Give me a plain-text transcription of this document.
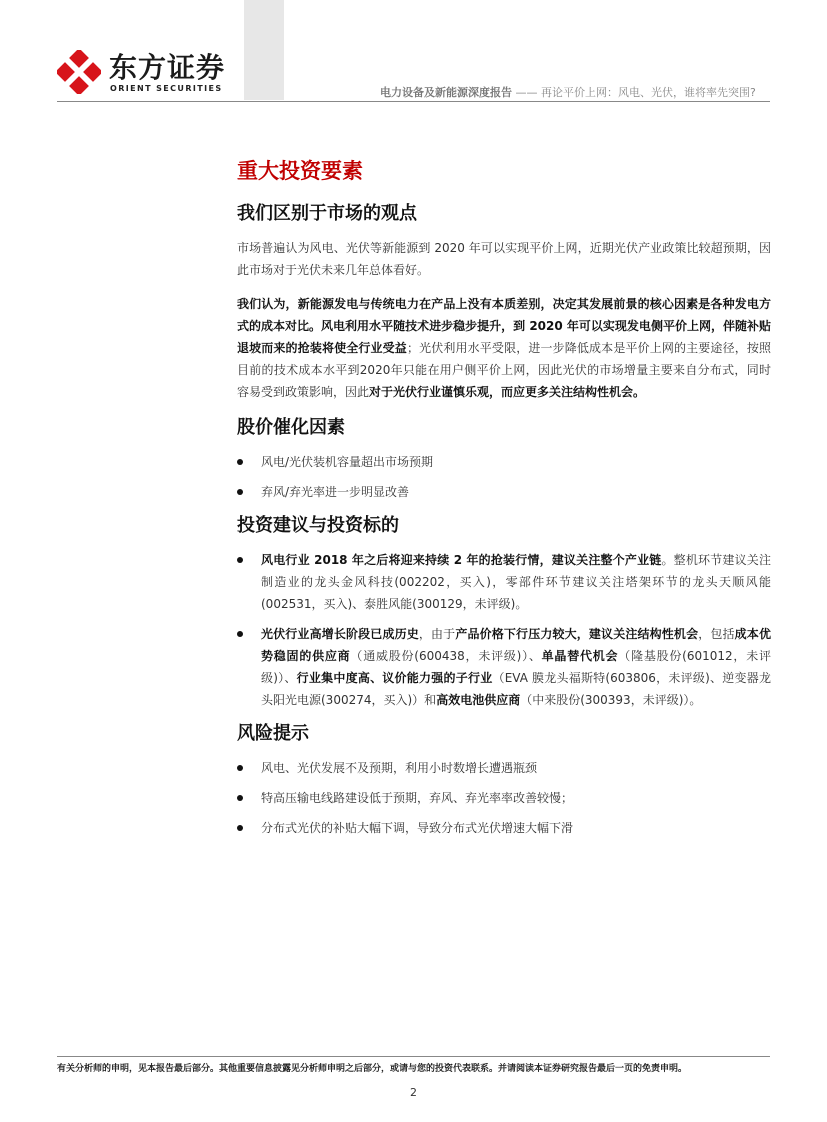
东方证券
ORIENT SECURITIES	电力设备及新能源深度报告 —— 再论平价上网：风电、光伏，谁将率先突围?
重大投资要素
我们区别于市场的观点

市场普遍认为风电、光伏等新能源到 2020 年可以实现平价上网，近期光伏产业政策比较超预期，因此市场对于光伏未来几年总体看好。

我们认为，新能源发电与传统电力在产品上没有本质差别，决定其发展前景的核心因素是各种发电方式的成本对比。风电利用水平随技术进步稳步提升，到 2020 年可以实现发电侧平价上网，伴随补贴退坡而来的抢装将使全行业受益；光伏利用水平受限，进一步降低成本是平价上网的主要途径，按照目前的技术成本水平到2020年只能在用户侧平价上网，因此光伏的市场增量主要来自分布式，同时容易受到政策影响，因此对于光伏行业谨慎乐观，而应更多关注结构性机会。

股价催化因素
风电/光伏装机容量超出市场预期
弃风/弃光率进一步明显改善
投资建议与投资标的
风电行业 2018 年之后将迎来持续 2 年的抢装行情，建议关注整个产业链。整机环节建议关注制造业的龙头金风科技(002202，买入)，零部件环节建议关注塔架环节的龙头天顺风能(002531，买入)、泰胜风能(300129，未评级)。
光伏行业高增长阶段已成历史，由于产品价格下行压力较大，建议关注结构性机会，包括成本优势稳固的供应商（通威股份(600438，未评级)）、单晶替代机会（隆基股份(601012，未评级)）、行业集中度高、议价能力强的子行业（EVA 膜龙头福斯特(603806，未评级)、逆变器龙头阳光电源(300274，买入)）和高效电池供应商（中来股份(300393，未评级)）。
风险提示
风电、光伏发展不及预期，利用小时数增长遭遇瓶颈
特高压输电线路建设低于预期，弃风、弃光率率改善较慢；
分布式光伏的补贴大幅下调，导致分布式光伏增速大幅下滑
有关分析师的申明，见本报告最后部分。其他重要信息披露见分析师申明之后部分，或请与您的投资代表联系。并请阅读本证券研究报告最后一页的免责申明。
2
